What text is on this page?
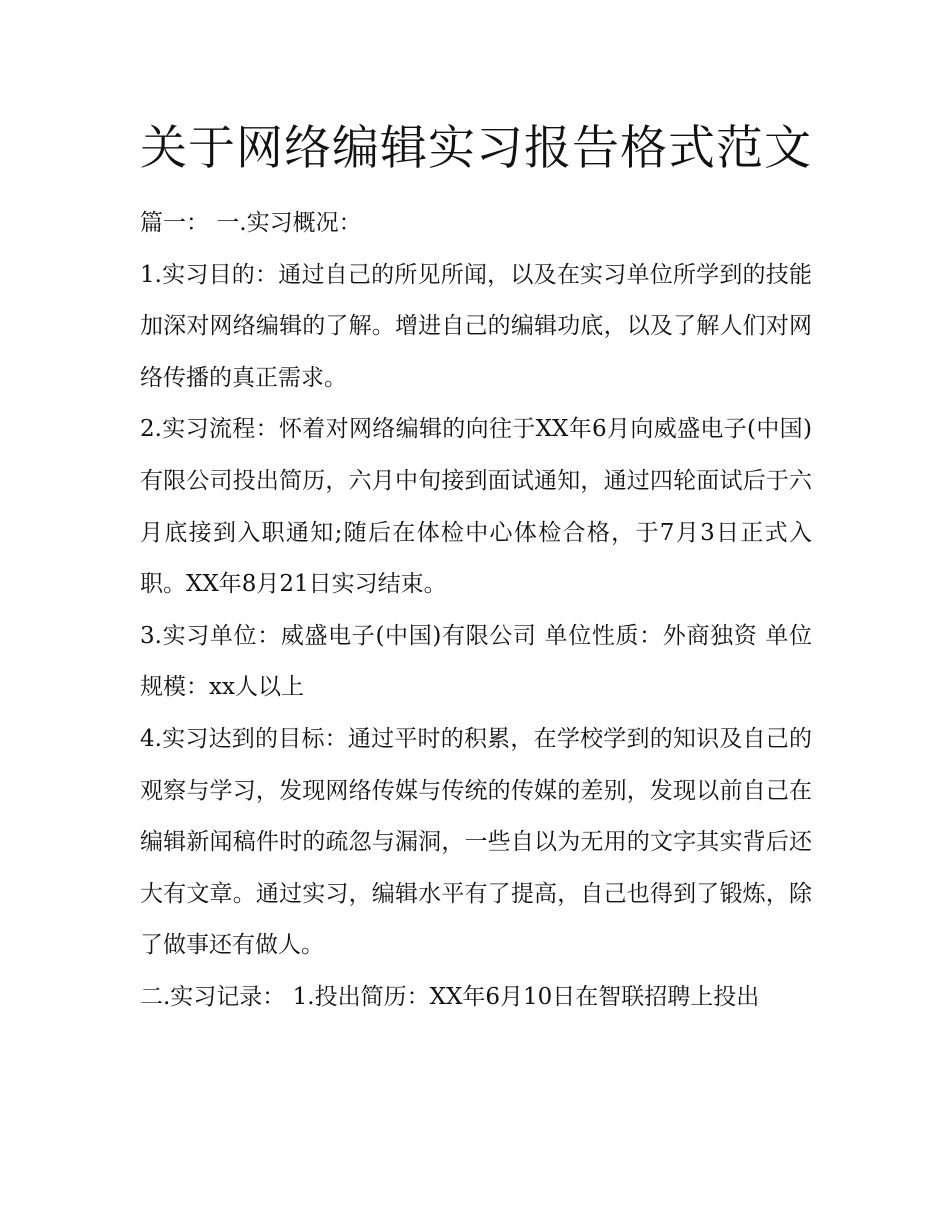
关于网络编辑实习报告格式范文

篇一： 一.实习概况：

1.实习目的：通过自己的所见所闻，以及在实习单位所学到的技能加深对网络编辑的了解。增进自己的编辑功底，以及了解人们对网络传播的真正需求。

2.实习流程：怀着对网络编辑的向往于XX年6月向威盛电子(中国)有限公司投出简历，六月中旬接到面试通知，通过四轮面试后于六月底接到入职通知;随后在体检中心体检合格，于7月3日正式入职。XX年8月21日实习结束。

3.实习单位：威盛电子(中国)有限公司 单位性质：外商独资 单位规模：xx人以上

4.实习达到的目标：通过平时的积累，在学校学到的知识及自己的观察与学习，发现网络传媒与传统的传媒的差别，发现以前自己在编辑新闻稿件时的疏忽与漏洞，一些自以为无用的文字其实背后还大有文章。通过实习，编辑水平有了提高，自己也得到了锻炼，除了做事还有做人。

二.实习记录： 1.投出简历：XX年6月10日在智联招聘上投出
